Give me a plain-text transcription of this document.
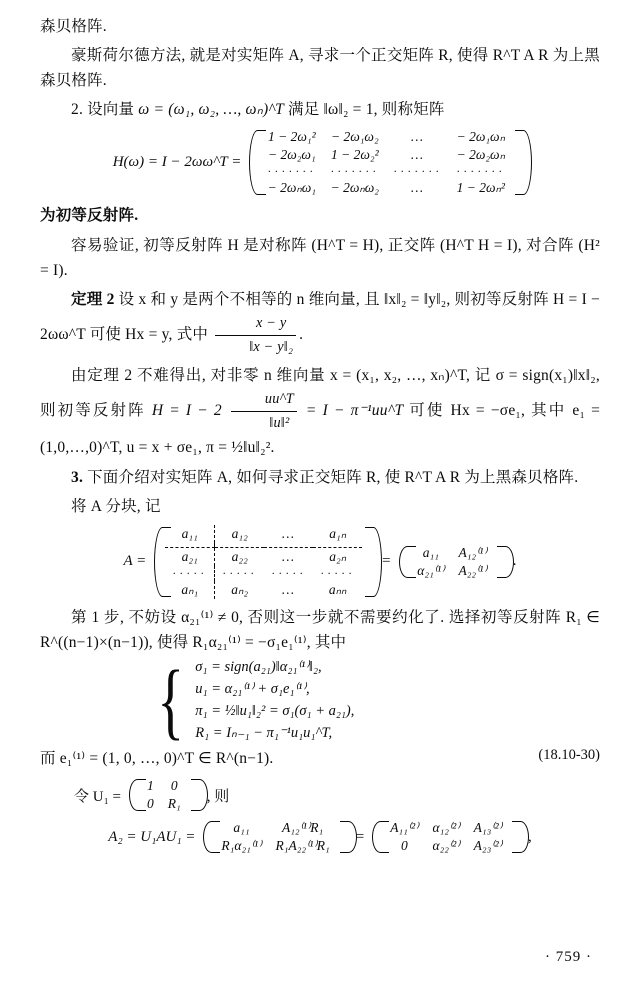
森贝格阵.

豪斯荷尔德方法, 就是对实矩阵 A, 寻求一个正交矩阵 R, 使得 R^T A R 为上黑森贝格阵.

2. 设向量 ω = (ω₁, ω₂, …, ωₙ)^T 满足 ‖ω‖₂ = 1, 则称矩阵

H(ω) = I − 2ωω^T =
1 − 2ω₁²	− 2ω₁ω₂	…	− 2ω₁ωₙ
− 2ω₂ω₁	1 − 2ω₂²	…	− 2ω₂ωₙ
·······	·······	·······	·······
− 2ωₙω₁	− 2ωₙω₂	…	1 − 2ωₙ²

为初等反射阵.

容易验证, 初等反射阵 H 是对称阵 (H^T = H), 正交阵 (H^T H = I), 对合阵 (H² = I).

定理 2 设 x 和 y 是两个不相等的 n 维向量, 且 ‖x‖₂ = ‖y‖₂, 则初等反射阵 H = I − 2ωω^T 可使 Hx = y, 式中 $\frac{x - y}{\text{‖x − y‖₂}}$ .

由定理 2 不难得出, 对非零 n 维向量 x = (x₁, x₂, …, xₙ)^T, 记 σ = sign(x₁)‖x‖₂, 则初等反射阵 $H = I - 2 \frac{uu\^{}T}{\text{‖u‖²}} = I$ − π⁻¹uu^T 可使 Hx = −σe₁, 其中 e₁ = (1,0,…,0)^T, u = x + σe₁, π = ½‖u‖₂².

3. 下面介绍对实矩阵 A, 如何寻求正交矩阵 R, 使 R^T A R 为上黑森贝格阵.

将 A 分块, 记

A =
a₁₁	a₁₂	…	a₁ₙ

a₂₁	a₂₂	…	a₂ₙ
·····	·····	·····	·····
aₙ₁	aₙ₂	…	aₙₙ
=
a₁₁	A₁₂⁽¹⁾
α₂₁⁽¹⁾	A₂₂⁽¹⁾
.

第 1 步, 不妨设 α₂₁⁽¹⁾ ≠ 0, 否则这一步就不需要约化了. 选择初等反射阵 R₁ ∈ R^((n−1)×(n−1)), 使得 R₁α₂₁⁽¹⁾ = −σ₁e₁⁽¹⁾, 其中

{ σ₁ = sign(a₂₁)‖α₂₁⁽¹⁾‖₂,
u₁ = α₂₁⁽¹⁾ + σ₁e₁⁽¹⁾,
π₁ = ½‖u₁‖₂² = σ₁(σ₁ + a₂₁),
R₁ = Iₙ₋₁ − π₁⁻¹u₁u₁^T,
(18.10-30)

而 e₁⁽¹⁾ = (1, 0, …, 0)^T ∈ R^(n−1).

令 U₁ =
1	0
0	R₁ , 则
A₂ = U₁AU₁ =
a₁₁	A₁₂⁽¹⁾R₁
R₁α₂₁⁽¹⁾	R₁A₂₂⁽¹⁾R₁
=
A₁₁⁽²⁾	α₁₂⁽²⁾	A₁₃⁽²⁾
0	α₂₂⁽²⁾	A₂₃⁽²⁾
,
· 759 ·
